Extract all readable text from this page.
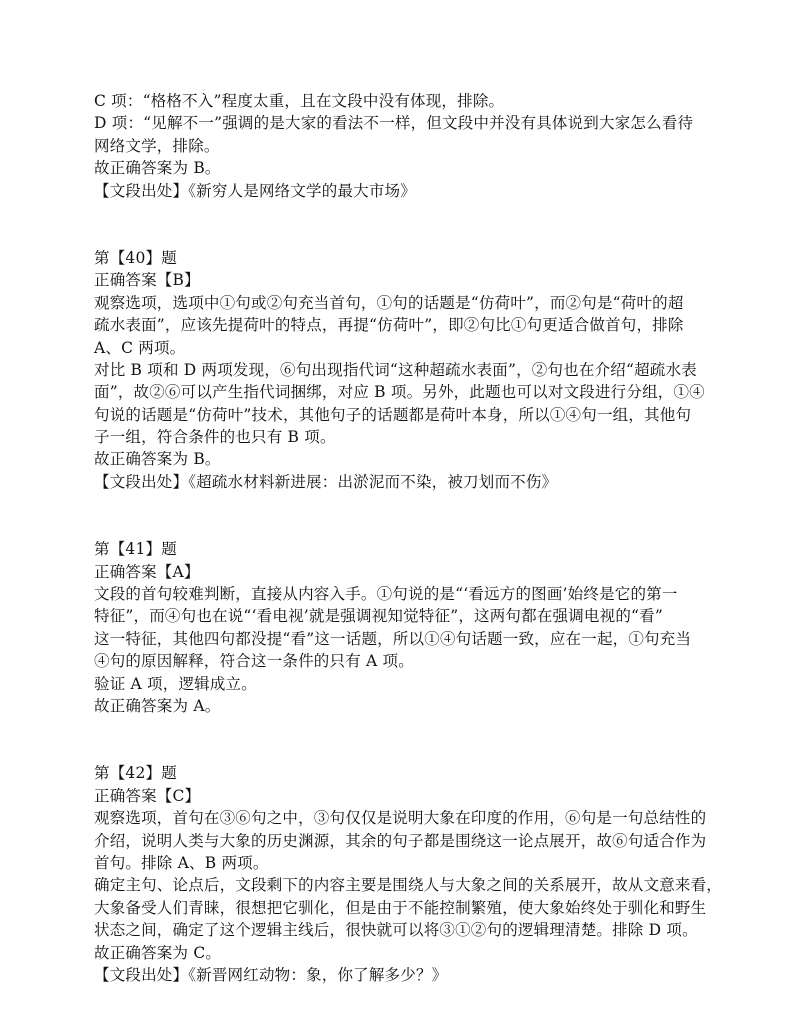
C 项：“格格不入”程度太重，且在文段中没有体现，排除。
D 项：“见解不一”强调的是大家的看法不一样，但文段中并没有具体说到大家怎么看待
网络文学，排除。
故正确答案为 B。
【文段出处】《新穷人是网络文学的最大市场》
第【40】题
正确答案【B】
观察选项，选项中①句或②句充当首句，①句的话题是“仿荷叶”，而②句是“荷叶的超
疏水表面”，应该先提荷叶的特点，再提“仿荷叶”，即②句比①句更适合做首句，排除
A、C 两项。
对比 B 项和 D 两项发现，⑥句出现指代词“这种超疏水表面”，②句也在介绍“超疏水表
面”，故②⑥可以产生指代词捆绑，对应 B 项。另外，此题也可以对文段进行分组，①④
句说的话题是“仿荷叶”技术，其他句子的话题都是荷叶本身，所以①④句一组，其他句
子一组，符合条件的也只有 B 项。
故正确答案为 B。
【文段出处】《超疏水材料新进展：出淤泥而不染，被刀划而不伤》
第【41】题
正确答案【A】
文段的首句较难判断，直接从内容入手。①句说的是“‘看远方的图画’始终是它的第一
特征”，而④句也在说“‘看电视’就是强调视知觉特征”，这两句都在强调电视的“看”
这一特征，其他四句都没提“看”这一话题，所以①④句话题一致，应在一起，①句充当
④句的原因解释，符合这一条件的只有 A 项。
验证 A 项，逻辑成立。
故正确答案为 A。
第【42】题
正确答案【C】
观察选项，首句在③⑥句之中，③句仅仅是说明大象在印度的作用，⑥句是一句总结性的
介绍，说明人类与大象的历史渊源，其余的句子都是围绕这一论点展开，故⑥句适合作为
首句。排除 A、B 两项。
确定主句、论点后，文段剩下的内容主要是围绕人与大象之间的关系展开，故从文意来看，
大象备受人们青睐，很想把它驯化，但是由于不能控制繁殖，使大象始终处于驯化和野生
状态之间，确定了这个逻辑主线后，很快就可以将③①②句的逻辑理清楚。排除 D 项。
故正确答案为 C。
【文段出处】《新晋网红动物：象，你了解多少？》
